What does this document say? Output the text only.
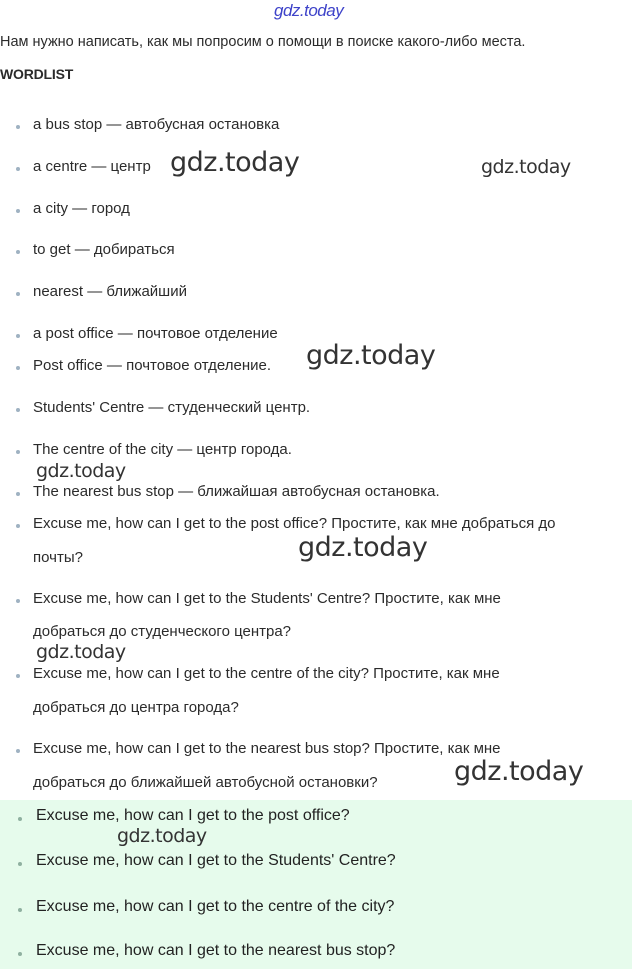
gdz.today
Нам нужно написать, как мы попросим о помощи в поиске какого-либо места.
WORDLIST
a bus stop — автобусная остановка
a centre — центр
a city — город
to get — добираться
nearest — ближайший
a post office — почтовое отделение
Post office — почтовое отделение.
Students' Centre — студенческий центр.
The centre of the city — центр города.
The nearest bus stop — ближайшая автобусная остановка.
Excuse me, how can I get to the post office? Простите, как мне добраться до
почты?
Excuse me, how can I get to the Students' Centre? Простите, как мне
добраться до студенческого центра?
Excuse me, how can I get to the centre of the city? Простите, как мне
добраться до центра города?
Excuse me, how can I get to the nearest bus stop? Простите, как мне
добраться до ближайшей автобусной остановки?
Excuse me, how can I get to the post office?
Excuse me, how can I get to the Students' Centre?
Excuse me, how can I get to the centre of the city?
Excuse me, how can I get to the nearest bus stop?
gdz.today	gdz.today
gdz.today
gdz.today
gdz.today
gdz.today
gdz.today
gdz.today
